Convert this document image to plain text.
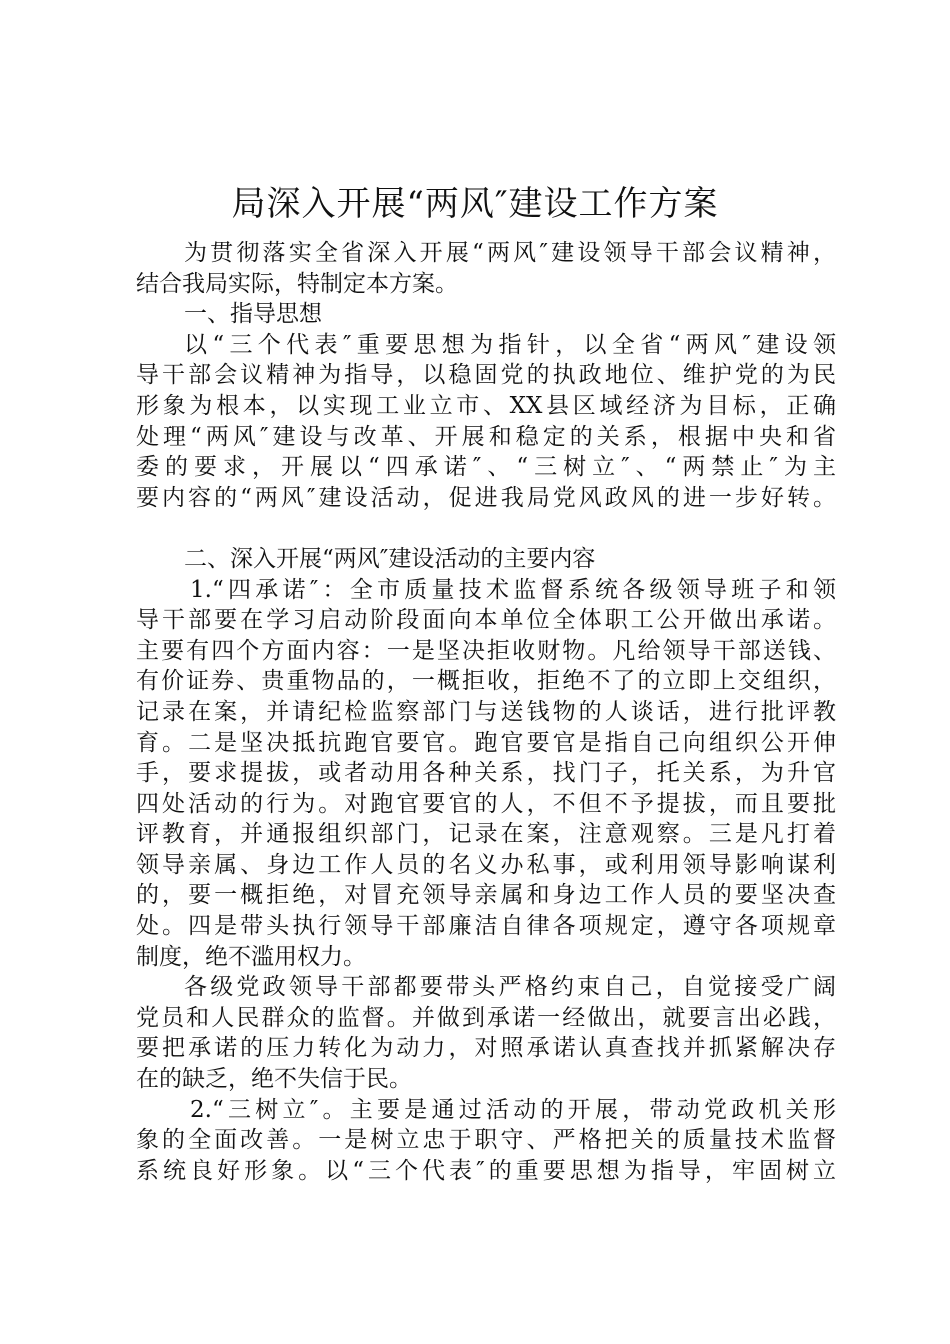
局深入开展“两风″建设工作方案
为贯彻落实全省深入开展“两风″建设领导干部会议精神，
结合我局实际，特制定本方案。
一、指导思想
以“三个代表″重要思想为指针，以全省“两风″建设领
导干部会议精神为指导，以稳固党的执政地位、维护党的为民
形象为根本，以实现工业立市、XX县区域经济为目标，正确
处理“两风″建设与改革、开展和稳定的关系，根据中央和省
委的要求，开展以“四承诺″、“三树立″、“两禁止″为主
要内容的“两风″建设活动，促进我局党风政风的进一步好转。
二、深入开展“两风″建设活动的主要内容
1.“四承诺″：全市质量技术监督系统各级领导班子和领
导干部要在学习启动阶段面向本单位全体职工公开做出承诺。
主要有四个方面内容：一是坚决拒收财物。凡给领导干部送钱、
有价证券、贵重物品的，一概拒收，拒绝不了的立即上交组织，
记录在案，并请纪检监察部门与送钱物的人谈话，进行批评教
育。二是坚决抵抗跑官要官。跑官要官是指自己向组织公开伸
手，要求提拔，或者动用各种关系，找门子，托关系，为升官
四处活动的行为。对跑官要官的人，不但不予提拔，而且要批
评教育，并通报组织部门，记录在案，注意观察。三是凡打着
领导亲属、身边工作人员的名义办私事，或利用领导影响谋利
的，要一概拒绝，对冒充领导亲属和身边工作人员的要坚决查
处。四是带头执行领导干部廉洁自律各项规定，遵守各项规章
制度，绝不滥用权力。
各级党政领导干部都要带头严格约束自己，自觉接受广阔
党员和人民群众的监督。并做到承诺一经做出，就要言出必践，
要把承诺的压力转化为动力，对照承诺认真查找并抓紧解决存
在的缺乏，绝不失信于民。
2.“三树立″。主要是通过活动的开展，带动党政机关形
象的全面改善。一是树立忠于职守、严格把关的质量技术监督
系统良好形象。以“三个代表″的重要思想为指导，牢固树立
